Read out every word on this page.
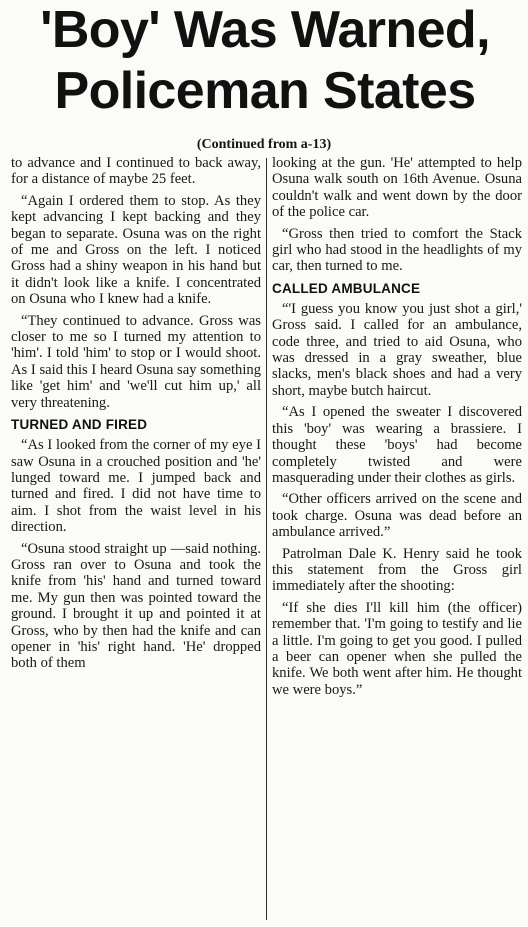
'Boy' Was Warned,
Policeman States
(Continued from a-13)

to advance and I continued to back away, for a distance of maybe 25 feet.

“Again I ordered them to stop. As they kept advancing I kept backing and they began to separate. Osuna was on the right of me and Gross on the left. I noticed Gross had a shiny weapon in his hand but it didn't look like a knife. I concentrated on Osuna who I knew had a knife.

“They continued to advance. Gross was closer to me so I turned my attention to 'him'. I told 'him' to stop or I would shoot. As I said this I heard Osuna say something like 'get him' and 'we'll cut him up,' all very threatening.

TURNED AND FIRED

“As I looked from the corner of my eye I saw Osuna in a crouched position and 'he' lunged toward me. I jumped back and turned and fired. I did not have time to aim. I shot from the waist level in his direction.

“Osuna stood straight up —said nothing. Gross ran over to Osuna and took the knife from 'his' hand and turned toward me. My gun then was pointed toward the ground. I brought it up and pointed it at Gross, who by then had the knife and can opener in 'his' right hand. 'He' dropped both of them

looking at the gun. 'He' attempted to help Osuna walk south on 16th Avenue. Osuna couldn't walk and went down by the door of the police car.

“Gross then tried to comfort the Stack girl who had stood in the headlights of my car, then turned to me.

CALLED AMBULANCE

“'I guess you know you just shot a girl,' Gross said. I called for an ambulance, code three, and tried to aid Osuna, who was dressed in a gray sweather, blue slacks, men's black shoes and had a very short, maybe butch haircut.

“As I opened the sweater I discovered this 'boy' was wearing a brassiere. I thought these 'boys' had become completely twisted and were masquerading under their clothes as girls.

“Other officers arrived on the scene and took charge. Osuna was dead before an ambulance arrived.”

Patrolman Dale K. Henry said he took this statement from the Gross girl immediately after the shooting:

“If she dies I'll kill him (the officer) remember that. 'I'm going to testify and lie a little. I'm going to get you good. I pulled a beer can opener when she pulled the knife. We both went after him. He thought we were boys.”
